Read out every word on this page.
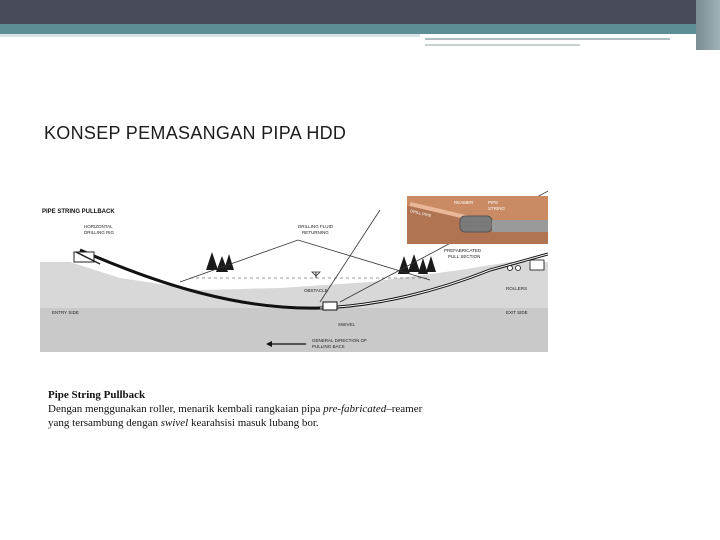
KONSEP PEMASANGAN PIPA HDD
PIPE STRING PULLBACK
HORIZONTAL
DRILLING RIG
DRILLING FLUID
RETURNING
REAMER	PIPE
STRING
DRILL PIPE
PREFABRICATED
PULL SECTION
ROLLERS
OBSTACLE
SWIVEL
ENTRY SIDE	EXIT SIDE
GENERAL DIRECTION OF
PULLING BACK
Pipe String Pullback
Dengan menggunakan roller, menarik kembali rangkaian pipa pre-fabricated–reamer
yang tersambung dengan swivel kearahsisi masuk lubang bor.
